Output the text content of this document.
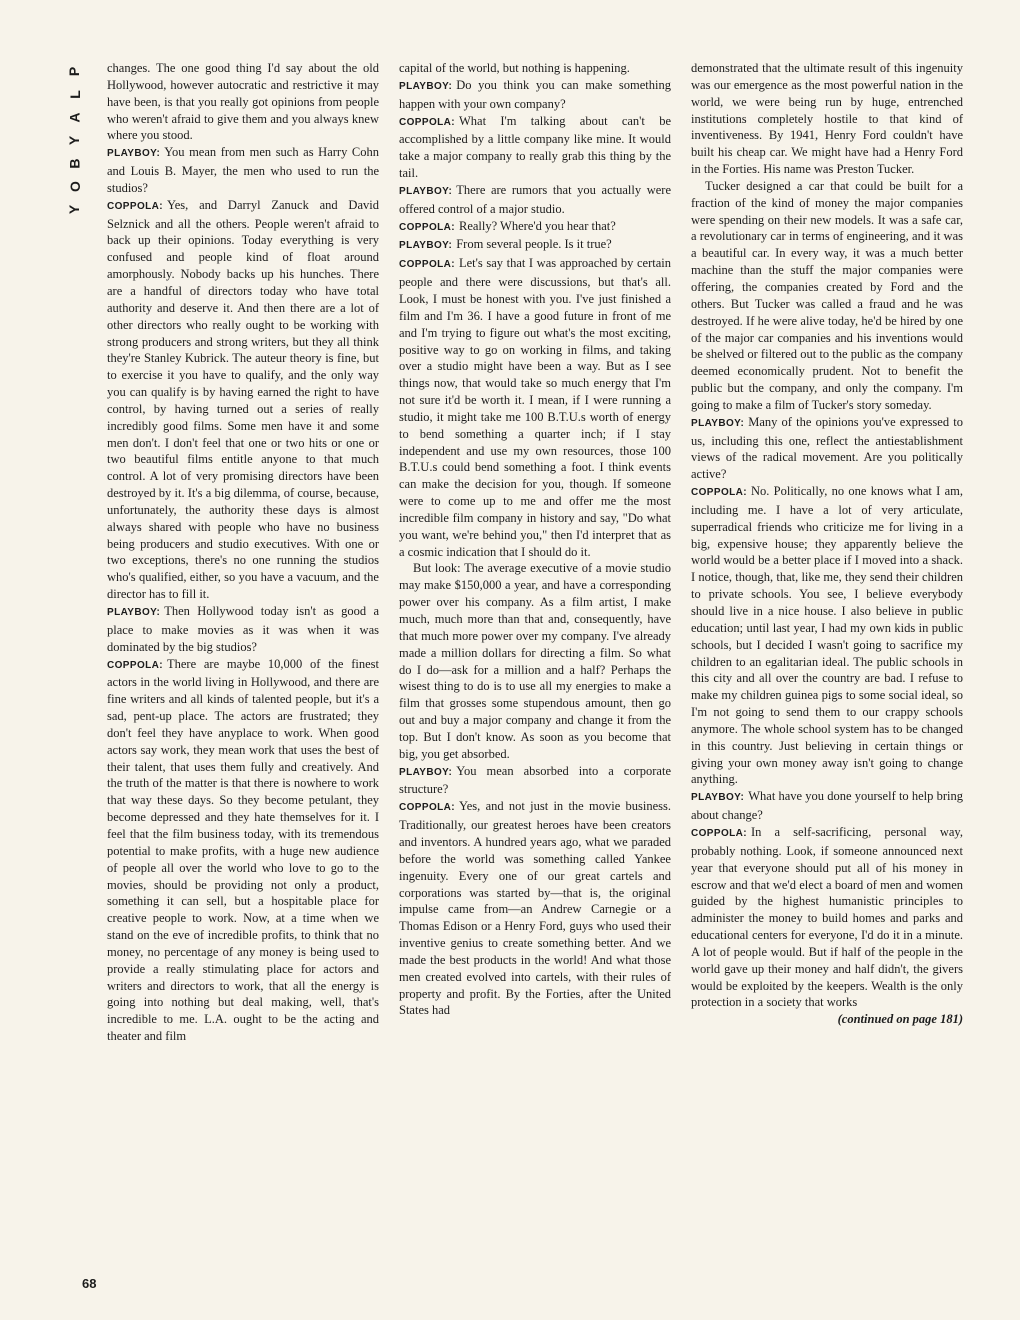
P
L
A
Y
B
O
Y

changes. The one good thing I'd say about the old Hollywood, however autocratic and restrictive it may have been, is that you really got opinions from people who weren't afraid to give them and you always knew where you stood.

PLAYBOY: You mean from men such as Harry Cohn and Louis B. Mayer, the men who used to run the studios?

COPPOLA: Yes, and Darryl Zanuck and David Selznick and all the others. People weren't afraid to back up their opinions. Today everything is very confused and people kind of float around amorphously. Nobody backs up his hunches. There are a handful of directors today who have total authority and deserve it. And then there are a lot of other directors who really ought to be working with strong producers and strong writers, but they all think they're Stanley Kubrick. The auteur theory is fine, but to exercise it you have to qualify, and the only way you can qualify is by having earned the right to have control, by having turned out a series of really incredibly good films. Some men have it and some men don't. I don't feel that one or two hits or one or two beautiful films entitle anyone to that much control. A lot of very promising directors have been destroyed by it. It's a big dilemma, of course, because, unfortunately, the authority these days is almost always shared with people who have no business being producers and studio executives. With one or two exceptions, there's no one running the studios who's qualified, either, so you have a vacuum, and the director has to fill it.

PLAYBOY: Then Hollywood today isn't as good a place to make movies as it was when it was dominated by the big studios?

COPPOLA: There are maybe 10,000 of the finest actors in the world living in Hollywood, and there are fine writers and all kinds of talented people, but it's a sad, pent-up place. The actors are frustrated; they don't feel they have anyplace to work. When good actors say work, they mean work that uses the best of their talent, that uses them fully and creatively. And the truth of the matter is that there is nowhere to work that way these days. So they become petulant, they become depressed and they hate themselves for it. I feel that the film business today, with its tremendous potential to make profits, with a huge new audience of people all over the world who love to go to the movies, should be providing not only a product, something it can sell, but a hospitable place for creative people to work. Now, at a time when we stand on the eve of incredible profits, to think that no money, no percentage of any money is being used to provide a really stimulating place for actors and writers and directors to work, that all the energy is going into nothing but deal making, well, that's incredible to me. L.A. ought to be the acting and theater and film

capital of the world, but nothing is happening.

PLAYBOY: Do you think you can make something happen with your own company?

COPPOLA: What I'm talking about can't be accomplished by a little company like mine. It would take a major company to really grab this thing by the tail.

PLAYBOY: There are rumors that you actually were offered control of a major studio.

COPPOLA: Really? Where'd you hear that?

PLAYBOY: From several people. Is it true?

COPPOLA: Let's say that I was approached by certain people and there were discussions, but that's all. Look, I must be honest with you. I've just finished a film and I'm 36. I have a good future in front of me and I'm trying to figure out what's the most exciting, positive way to go on working in films, and taking over a studio might have been a way. But as I see things now, that would take so much energy that I'm not sure it'd be worth it. I mean, if I were running a studio, it might take me 100 B.T.U.s worth of energy to bend something a quarter inch; if I stay independent and use my own resources, those 100 B.T.U.s could bend something a foot. I think events can make the decision for you, though. If someone were to come up to me and offer me the most incredible film company in history and say, "Do what you want, we're behind you," then I'd interpret that as a cosmic indication that I should do it.

But look: The average executive of a movie studio may make $150,000 a year, and have a corresponding power over his company. As a film artist, I make much, much more than that and, consequently, have that much more power over my company. I've already made a million dollars for directing a film. So what do I do—ask for a million and a half? Perhaps the wisest thing to do is to use all my energies to make a film that grosses some stupendous amount, then go out and buy a major company and change it from the top. But I don't know. As soon as you become that big, you get absorbed.

PLAYBOY: You mean absorbed into a corporate structure?

COPPOLA: Yes, and not just in the movie business. Traditionally, our greatest heroes have been creators and inventors. A hundred years ago, what we paraded before the world was something called Yankee ingenuity. Every one of our great cartels and corporations was started by—that is, the original impulse came from—an Andrew Carnegie or a Thomas Edison or a Henry Ford, guys who used their inventive genius to create something better. And we made the best products in the world! And what those men created evolved into cartels, with their rules of property and profit. By the Forties, after the United States had

demonstrated that the ultimate result of this ingenuity was our emergence as the most powerful nation in the world, we were being run by huge, entrenched institutions completely hostile to that kind of inventiveness. By 1941, Henry Ford couldn't have built his cheap car. We might have had a Henry Ford in the Forties. His name was Preston Tucker.

Tucker designed a car that could be built for a fraction of the kind of money the major companies were spending on their new models. It was a safe car, a revolutionary car in terms of engineering, and it was a beautiful car. In every way, it was a much better machine than the stuff the major companies were offering, the companies created by Ford and the others. But Tucker was called a fraud and he was destroyed. If he were alive today, he'd be hired by one of the major car companies and his inventions would be shelved or filtered out to the public as the company deemed economically prudent. Not to benefit the public but the company, and only the company. I'm going to make a film of Tucker's story someday.

PLAYBOY: Many of the opinions you've expressed to us, including this one, reflect the antiestablishment views of the radical movement. Are you politically active?

COPPOLA: No. Politically, no one knows what I am, including me. I have a lot of very articulate, superradical friends who criticize me for living in a big, expensive house; they apparently believe the world would be a better place if I moved into a shack. I notice, though, that, like me, they send their children to private schools. You see, I believe everybody should live in a nice house. I also believe in public education; until last year, I had my own kids in public schools, but I decided I wasn't going to sacrifice my children to an egalitarian ideal. The public schools in this city and all over the country are bad. I refuse to make my children guinea pigs to some social ideal, so I'm not going to send them to our crappy schools anymore. The whole school system has to be changed in this country. Just believing in certain things or giving your own money away isn't going to change anything.

PLAYBOY: What have you done yourself to help bring about change?

COPPOLA: In a self-sacrificing, personal way, probably nothing. Look, if someone announced next year that everyone should put all of his money in escrow and that we'd elect a board of men and women guided by the highest humanistic principles to administer the money to build homes and parks and educational centers for everyone, I'd do it in a minute. A lot of people would. But if half of the people in the world gave up their money and half didn't, the givers would be exploited by the keepers. Wealth is the only protection in a society that works

(continued on page 181)

68
